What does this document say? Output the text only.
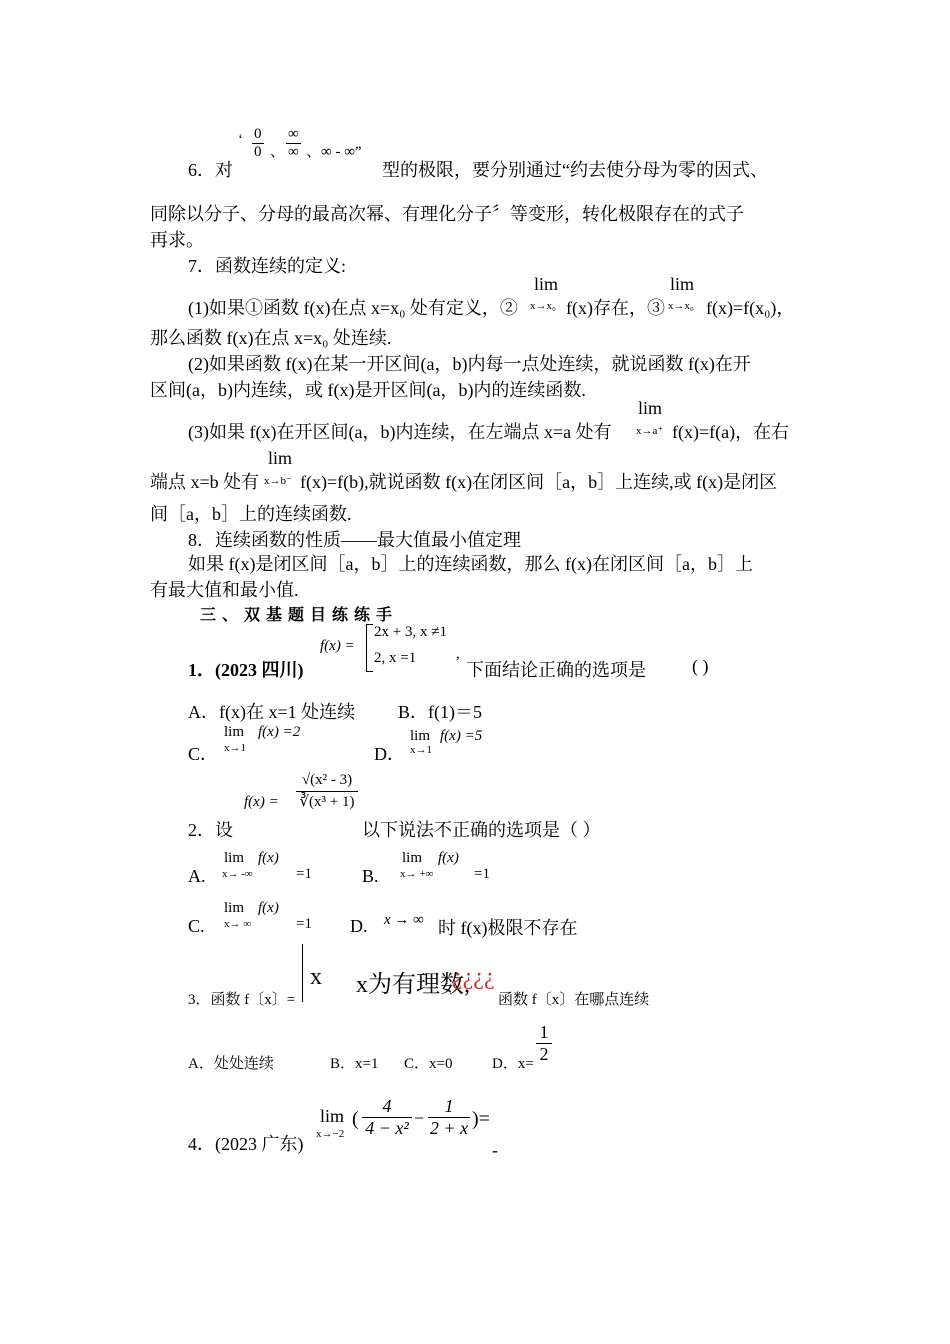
‘ $\frac{0}{0}$ 、 $\frac{\infty}{\infty}$ 、∞ - ∞”
6．对	型的极限，要分别通过“约去使分母为零的因式、
同除以分子、分母的最高次幂、有理化分子〞等变形，转化极限存在的式子
再求。
7．函数连续的定义:
lim	lim
(1)如果①函数 f(x)在点 x=x₀ 处有定义，② x→x₀ f(x)存在，③ x→x₀ f(x)=f(x₀)，
那么函数 f(x)在点 x=x₀ 处连续.
(2)如果函数 f(x)在某一开区间(a，b)内每一点处连续，就说函数 f(x)在开
区间(a，b)内连续，或 f(x)是开区间(a，b)内的连续函数.
lim
(3)如果 f(x)在开区间(a，b)内连续，在左端点 x=a 处有 x→a⁺ f(x)=f(a)，在右
lim
端点 x=b 处有 x→b⁻ f(x)=f(b),就说函数 f(x)在闭区间［a，b］上连续,或 f(x)是闭区
间［a，b］上的连续函数.
8．连续函数的性质——最大值最小值定理
如果 f(x)是闭区间［a，b］上的连续函数，那么 f(x)在闭区间［a，b］上
有最大值和最小值.
三、双基题目练练手
f(x) =
2x + 3, x ≠1
2, x =1	,
1．(2023 四川)	下面结论正确的选项是	( )
A．f(x)在 x=1 处连续 B．f(1)＝5
C．
lim
x→1
f(x) =2
D．
lim
x→1
f(x) =5
$f(x) = \frac{\text{√(x² - 3)}}{\text{∛(x³ + 1)}}$
2．设	以下说法不正确的选项是（ ）
A.
lim
x→ -∞
f(x)
=1	B.
lim
x→ +∞
f(x)
=1
C.
lim
x→ ∞
f(x)
=1 D. x → ∞ 时 f(x)极限不存在
3．函数 f〔x〕=
x x为有理数,
¿¿¿¿
函数 f〔x〕在哪点连续
A．处处连续	B．x=1 C．x=0	D．$x= \frac{1}{2}$
4．(2023 广东)
lim
x→−2
( $\frac{4}{\text{4 − x²}} - \frac{1}{2 + x}$ )=
-
